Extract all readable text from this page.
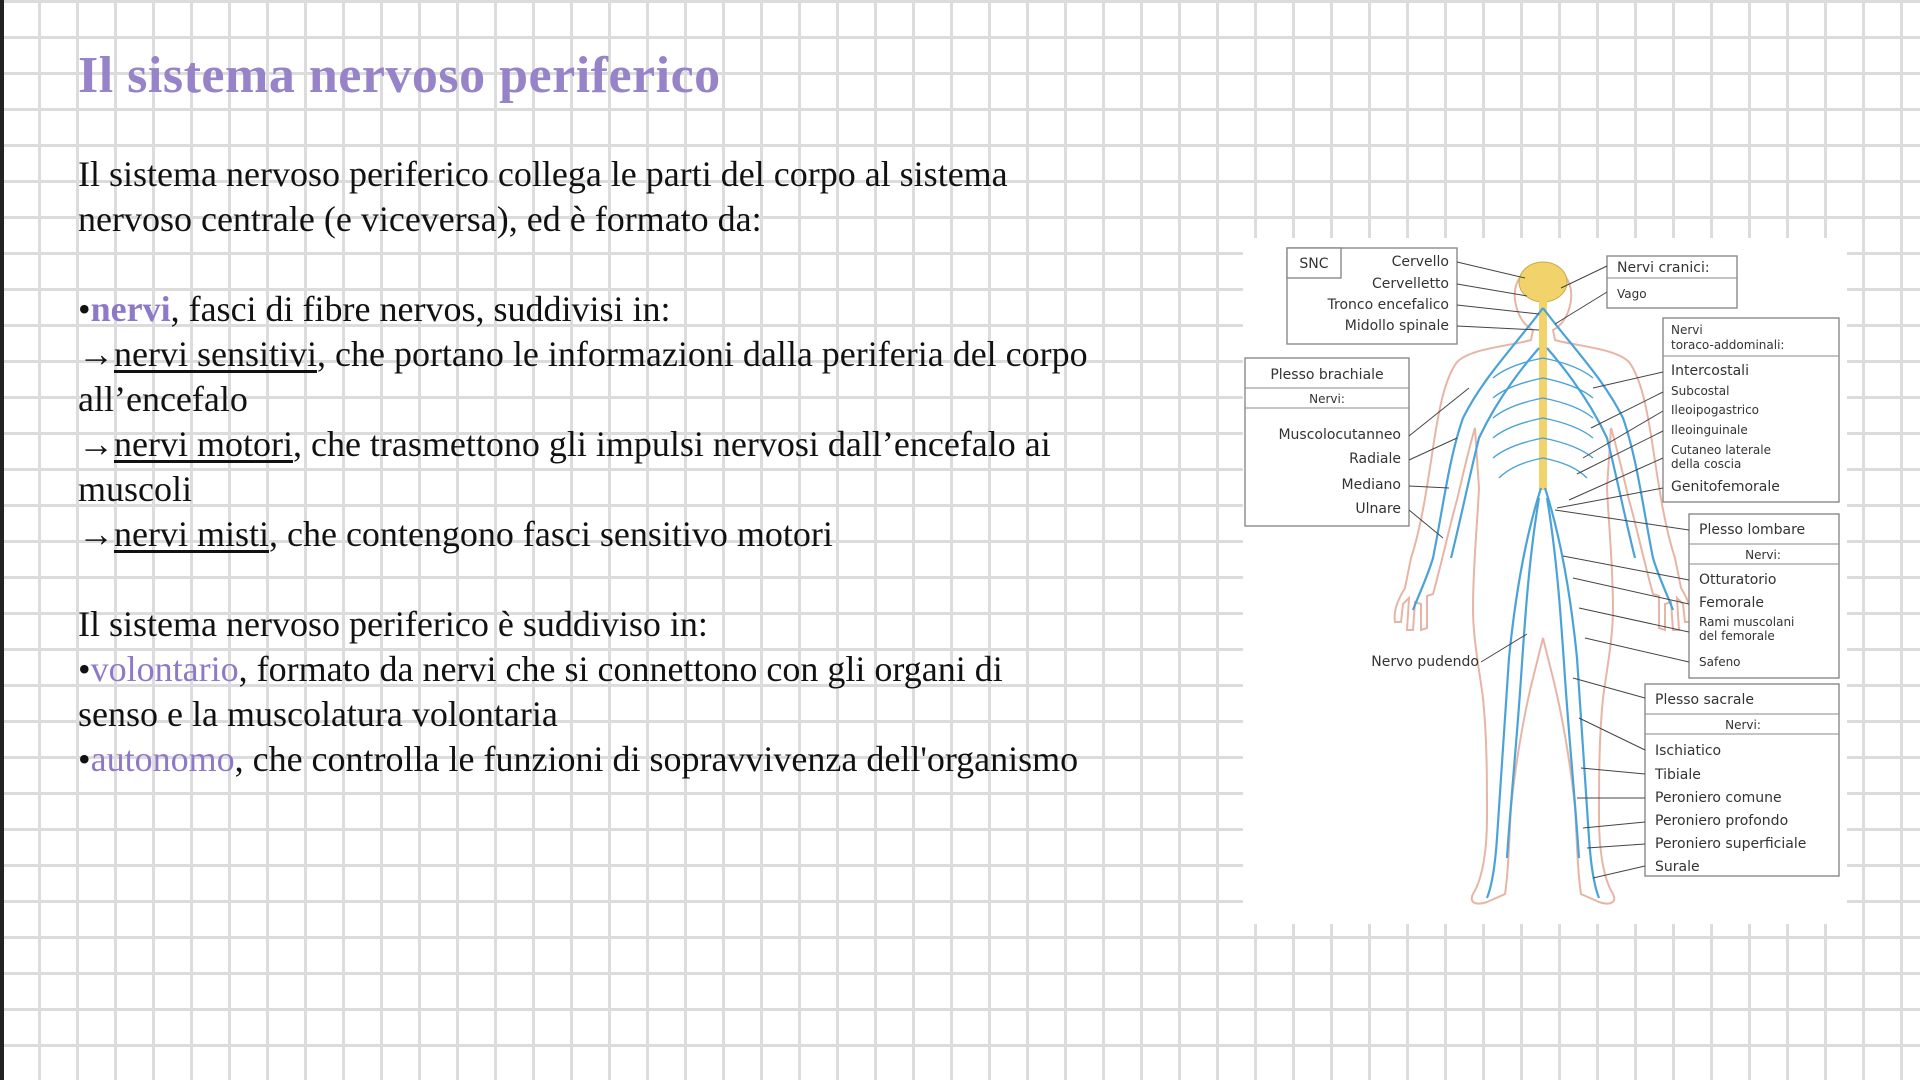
Il sistema nervoso periferico

Il sistema nervoso periferico collega le parti del corpo al sistema

nervoso centrale (e viceversa), ed è formato da:

•nervi, fasci di fibre nervos, suddivisi in:

→nervi sensitivi, che portano le informazioni dalla periferia del corpo

all’encefalo

→nervi motori, che trasmettono gli impulsi nervosi dall’encefalo ai

muscoli

→nervi misti, che contengono fasci sensitivo motori

Il sistema nervoso periferico è suddiviso in:

•volontario, formato da nervi che si connettono con gli organi di

senso e la muscolatura volontaria

•autonomo, che controlla le funzioni di sopravvivenza dell'organismo

SNC	Cervello
Cervelletto
Tronco encefalico
Midollo spinale
Nervi cranici:
Vago
Plesso brachiale
Nervi:
Muscolocutanneo
Radiale
Mediano
Ulnare
Nervi
toraco-addominali:
Intercostali
Subcostal
Ileoipogastrico
Ileoinguinale
Cutaneo laterale
della coscia
Genitofemorale
Plesso lombare
Nervi:
Otturatorio
Femorale
Rami muscolani
del femorale
Safeno
Nervo pudendo
Plesso sacrale
Nervi:
Ischiatico
Tibiale
Peroniero comune
Peroniero profondo
Peroniero superficiale
Surale
